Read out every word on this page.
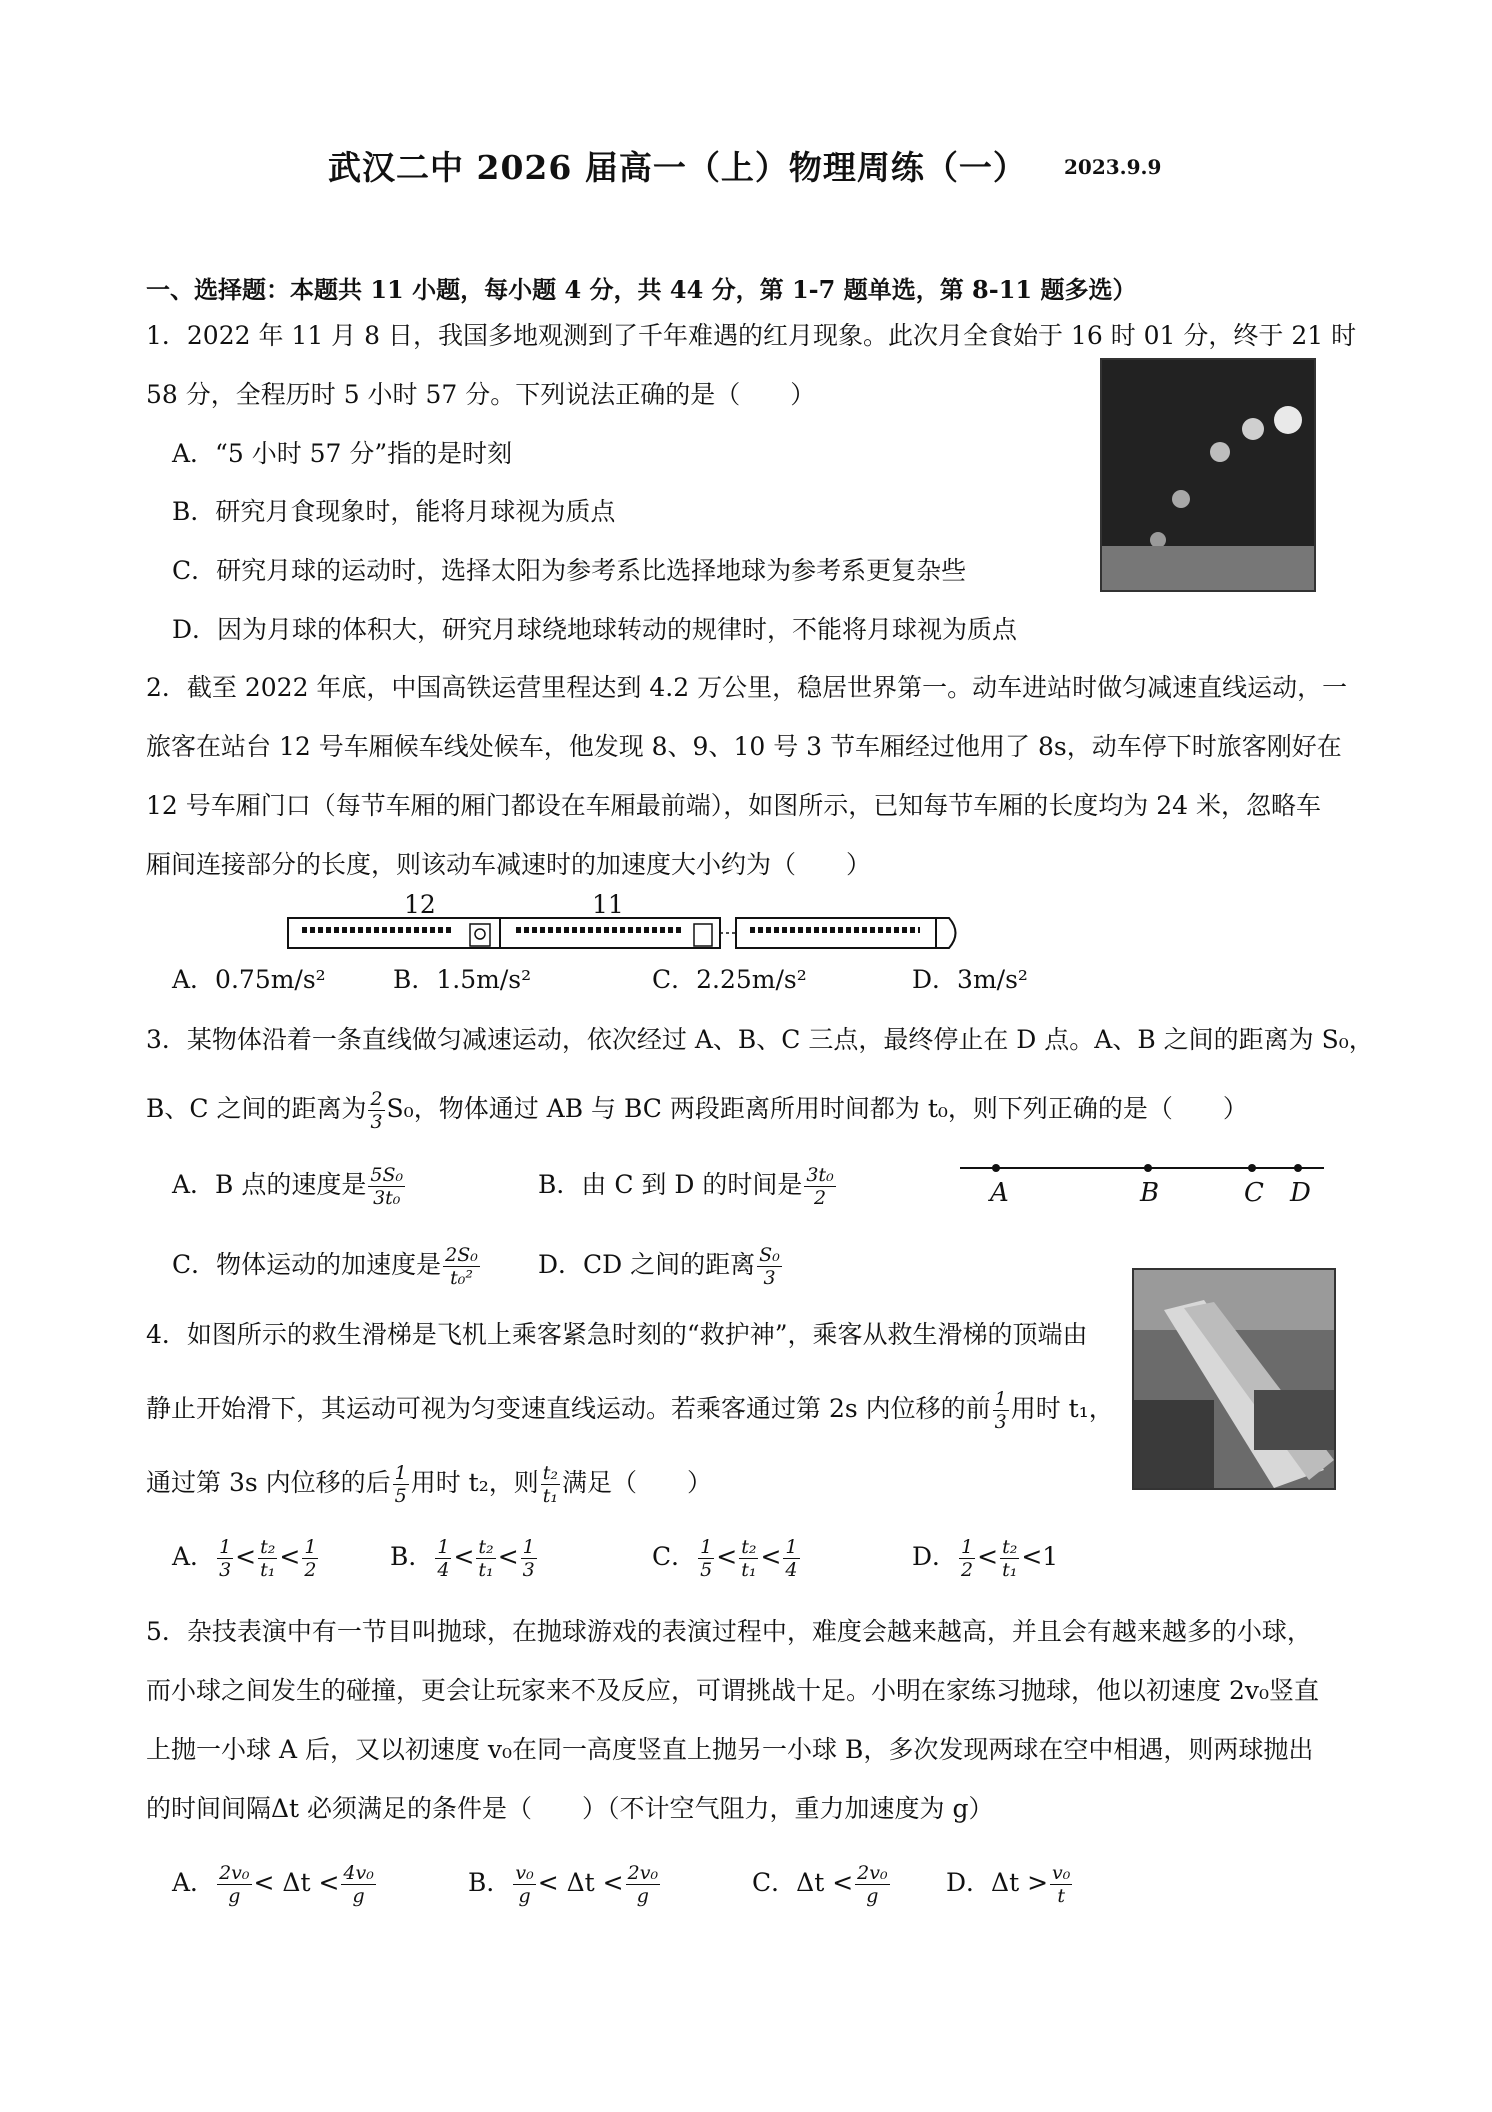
武汉二中 2026 届高一（上）物理周练（一） 2023.9.9
一、选择题：本题共 11 小题，每小题 4 分，共 44 分，第 1-7 题单选，第 8-11 题多选）
1．2022 年 11 月 8 日，我国多地观测到了千年难遇的红月现象。此次月全食始于 16 时 01 分，终于 21 时
58 分，全程历时 5 小时 57 分。下列说法正确的是（　　）
A．“5 小时 57 分”指的是时刻
B．研究月食现象时，能将月球视为质点
C．研究月球的运动时，选择太阳为参考系比选择地球为参考系更复杂些
D．因为月球的体积大，研究月球绕地球转动的规律时，不能将月球视为质点
2．截至 2022 年底，中国高铁运营里程达到 4.2 万公里，稳居世界第一。动车进站时做匀减速直线运动，一
旅客在站台 12 号车厢候车线处候车，他发现 8、9、10 号 3 节车厢经过他用了 8s，动车停下时旅客刚好在
12 号车厢门口（每节车厢的厢门都设在车厢最前端），如图所示，已知每节车厢的长度均为 24 米，忽略车
厢间连接部分的长度，则该动车减速时的加速度大小约为（　　）
12	11
A．0.75m/s²	B．1.5m/s²	C．2.25m/s²	D．3m/s²
3．某物体沿着一条直线做匀减速运动，依次经过 A、B、C 三点，最终停止在 D 点。A、B 之间的距离为 S₀，
B、C 之间的距离为 $\frac{2}{3} S_0$，物体通过 AB 与 BC 两段距离所用时间都为 t₀，则下列正确的是（　　）
A．B 点的速度是 $\frac{\text{5S₀}}{\text{3t₀}}$	B．由 C 到 D 的时间是 $\frac{\text{3t₀}}{2}$
C．物体运动的加速度是 $\frac{\text{2S₀}}{\text{t₀²}}$ D．CD 之间的距离 $\frac{\text{S₀}}{3}$
A	B	C D
4．如图所示的救生滑梯是飞机上乘客紧急时刻的“救护神”，乘客从救生滑梯的顶端由
静止开始滑下，其运动可视为匀变速直线运动。若乘客通过第 2s 内位移的前 $\frac{1}{3}$ 用时 t₁，
通过第 3s 内位移的后 $\frac{1}{5}$ 用时 t₂，则 $\frac{\text{t₂}}{\text{t₁}}$ 满足（　　）
A． $\frac{1}{3} < \frac{\text{t₂}}{\text{t₁}} < \frac{1}{2}$	B． $\frac{1}{4} < \frac{\text{t₂}}{\text{t₁}} < \frac{1}{3}$	C． $\frac{1}{5} < \frac{\text{t₂}}{\text{t₁}} < \frac{1}{4}$	D． $\frac{1}{2} < \frac{\text{t₂}}{\text{t₁}} <1$
5．杂技表演中有一节目叫抛球，在抛球游戏的表演过程中，难度会越来越高，并且会有越来越多的小球，
而小球之间发生的碰撞，更会让玩家来不及反应，可谓挑战十足。小明在家练习抛球，他以初速度 2v₀竖直
上抛一小球 A 后，又以初速度 v₀在同一高度竖直上抛另一小球 B，多次发现两球在空中相遇，则两球抛出
的时间间隔Δt 必须满足的条件是（　　）（不计空气阻力，重力加速度为 g）
A． $\frac{\text{2v₀}}{g} < \Delta t < \frac{\text{4v₀}}{g}$	B． $\frac{\text{v₀}}{g} < \Delta t < \frac{\text{2v₀}}{g}$	C．$\Delta t < \frac{\text{2v₀}}{g}$ D．$\Delta t > \frac{\text{v₀}}{t}$
